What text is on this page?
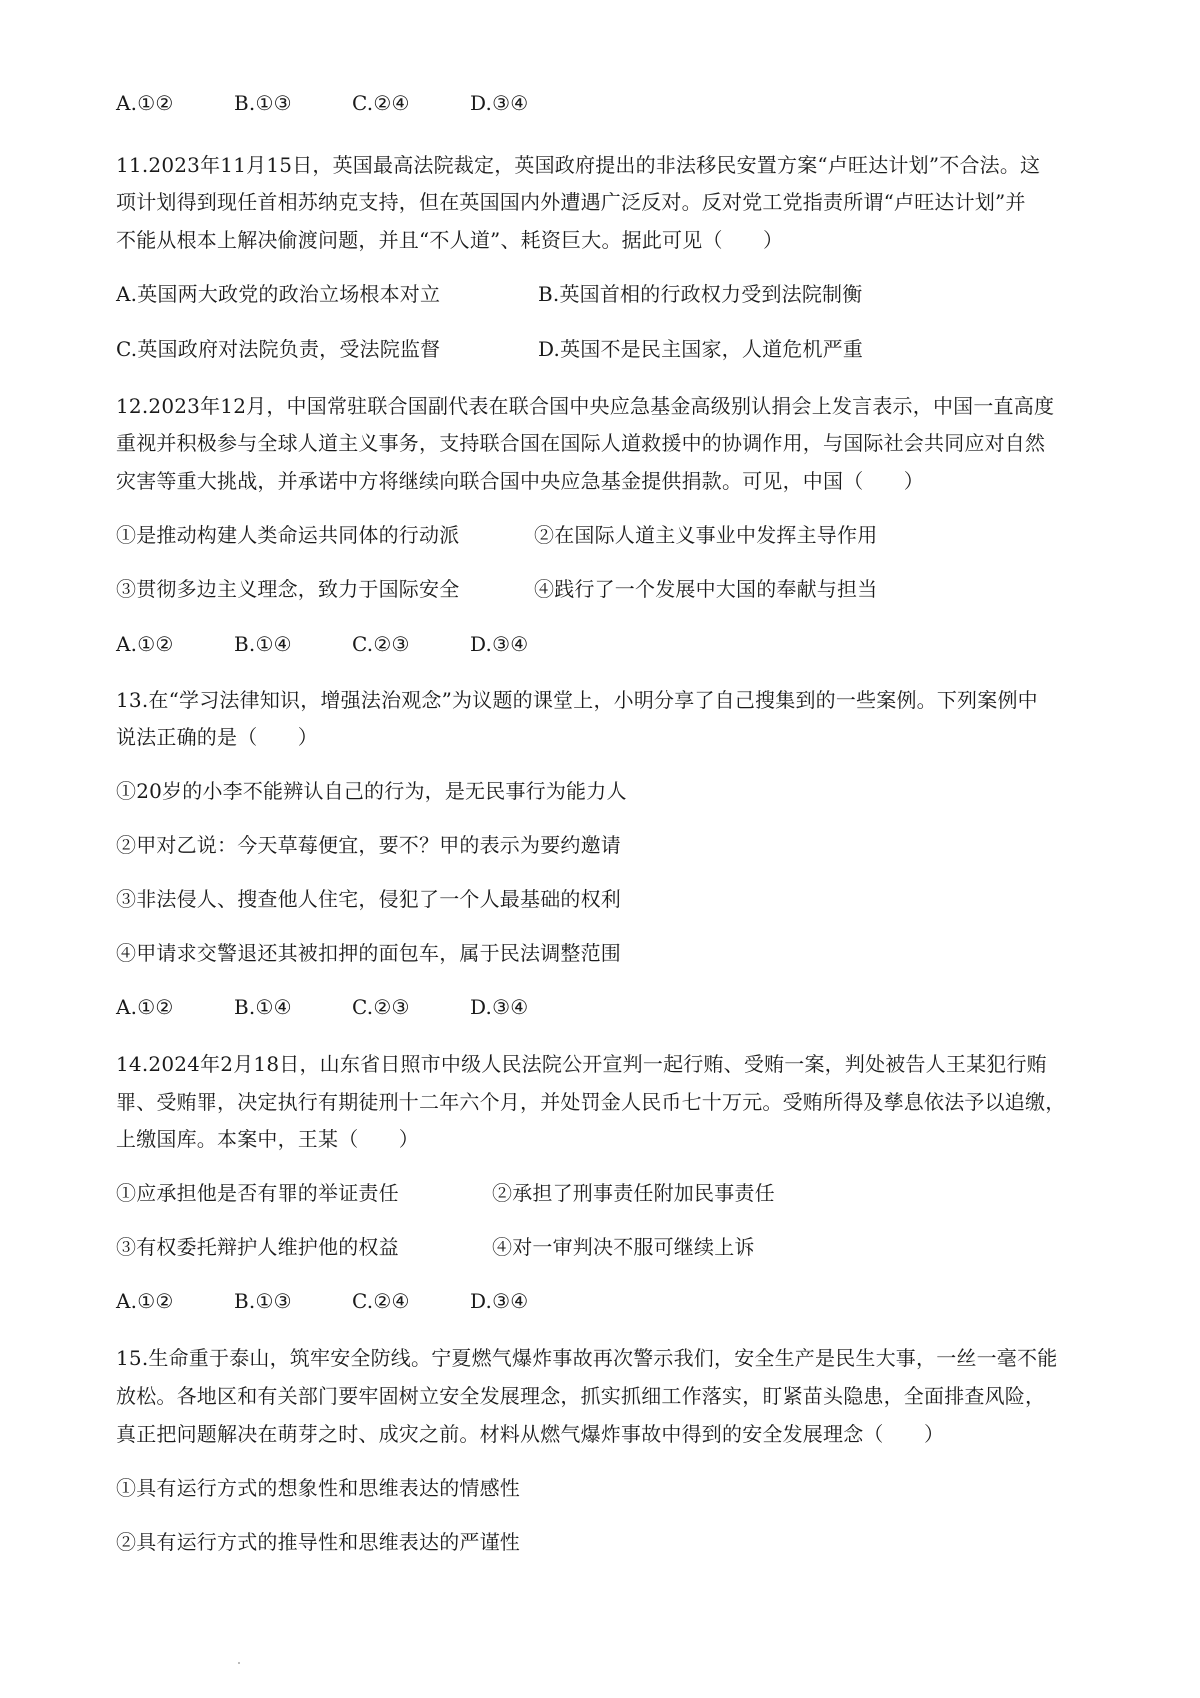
A.①②	B.①③	C.②④	D.③④
11.2023年11月15日，英国最高法院裁定，英国政府提出的非法移民安置方案“卢旺达计划”不合法。这
项计划得到现任首相苏纳克支持，但在英国国内外遭遇广泛反对。反对党工党指责所谓“卢旺达计划”并
不能从根本上解决偷渡问题，并且“不人道”、耗资巨大。据此可见（　　）
A.英国两大政党的政治立场根本对立	B.英国首相的行政权力受到法院制衡
C.英国政府对法院负责，受法院监督	D.英国不是民主国家，人道危机严重
12.2023年12月，中国常驻联合国副代表在联合国中央应急基金高级别认捐会上发言表示，中国一直高度
重视并积极参与全球人道主义事务，支持联合国在国际人道救援中的协调作用，与国际社会共同应对自然
灾害等重大挑战，并承诺中方将继续向联合国中央应急基金提供捐款。可见，中国（　　）
①是推动构建人类命运共同体的行动派	②在国际人道主义事业中发挥主导作用
③贯彻多边主义理念，致力于国际安全	④践行了一个发展中大国的奉献与担当
A.①②	B.①④	C.②③	D.③④
13.在“学习法律知识，增强法治观念”为议题的课堂上，小明分享了自己搜集到的一些案例。下列案例中
说法正确的是（　　）
①20岁的小李不能辨认自己的行为，是无民事行为能力人
②甲对乙说：今天草莓便宜，要不？甲的表示为要约邀请
③非法侵人、搜查他人住宅，侵犯了一个人最基础的权利
④甲请求交警退还其被扣押的面包车，属于民法调整范围
A.①②	B.①④	C.②③	D.③④
14.2024年2月18日，山东省日照市中级人民法院公开宣判一起行贿、受贿一案，判处被告人王某犯行贿
罪、受贿罪，决定执行有期徒刑十二年六个月，并处罚金人民币七十万元。受贿所得及孳息依法予以追缴，
上缴国库。本案中，王某（　　）
①应承担他是否有罪的举证责任	②承担了刑事责任附加民事责任
③有权委托辩护人维护他的权益	④对一审判决不服可继续上诉
A.①②	B.①③	C.②④	D.③④
15.生命重于泰山，筑牢安全防线。宁夏燃气爆炸事故再次警示我们，安全生产是民生大事，一丝一毫不能
放松。各地区和有关部门要牢固树立安全发展理念，抓实抓细工作落实，盯紧苗头隐患，全面排查风险，
真正把问题解决在萌芽之时、成灾之前。材料从燃气爆炸事故中得到的安全发展理念（　　）
①具有运行方式的想象性和思维表达的情感性
②具有运行方式的推导性和思维表达的严谨性
